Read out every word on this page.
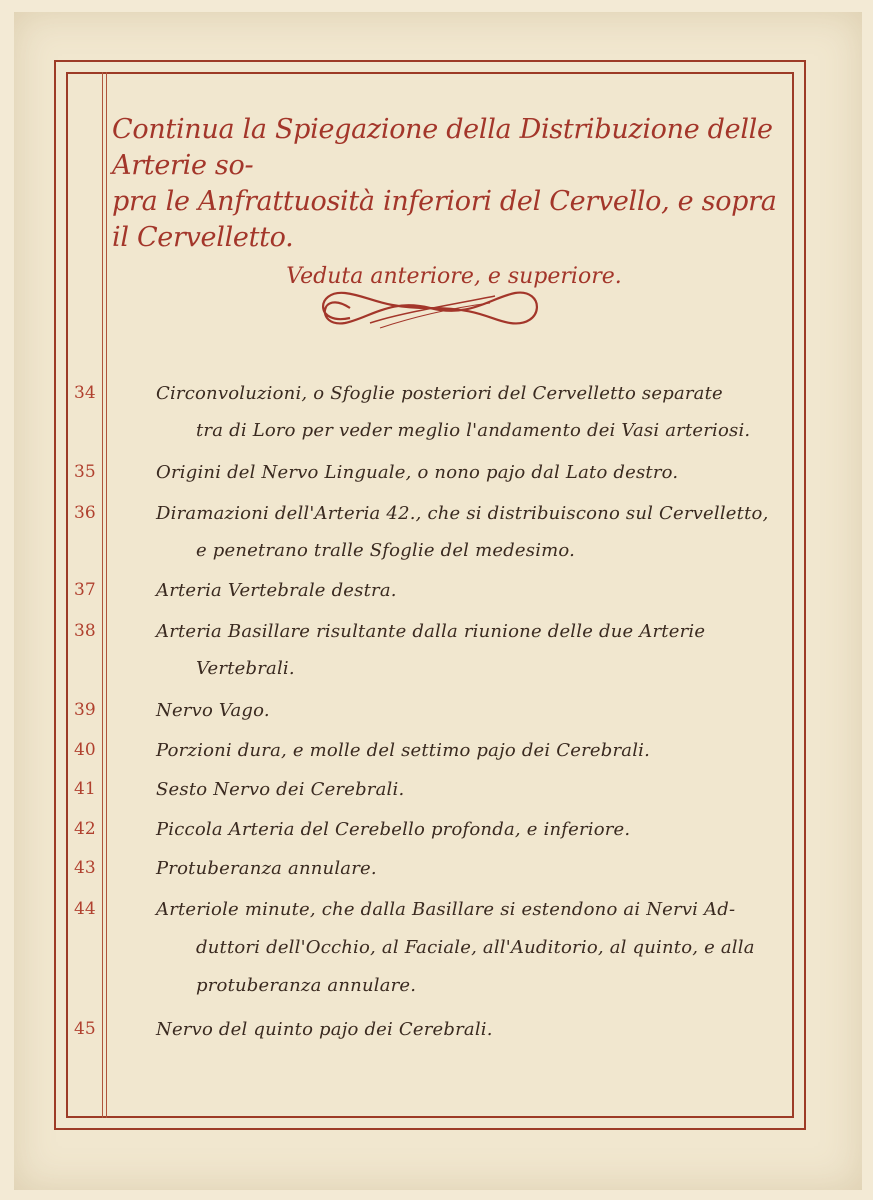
Continua la Spiegazione della Distribuzione delle Arterie so-
pra le Anfrattuosità inferiori del Cervello, e sopra il Cervelletto.
Veduta anteriore, e superiore.
34	Circonvoluzioni, o Sfoglie posteriori del Cervelletto separate
tra di Loro per veder meglio l'andamento dei Vasi arteriosi.
35	Origini del Nervo Linguale, o nono pajo dal Lato destro.
36	Diramazioni dell'Arteria 42., che si distribuiscono sul Cervelletto,
e penetrano tralle Sfoglie del medesimo.
37	Arteria Vertebrale destra.
38	Arteria Basillare risultante dalla riunione delle due Arterie
Vertebrali.
39	Nervo Vago.
40	Porzioni dura, e molle del settimo pajo dei Cerebrali.
41	Sesto Nervo dei Cerebrali.
42	Piccola Arteria del Cerebello profonda, e inferiore.
43	Protuberanza annulare.
44	Arteriole minute, che dalla Basillare si estendono ai Nervi Ad-
duttori dell'Occhio, al Faciale, all'Auditorio, al quinto, e alla
protuberanza annulare.
45	Nervo del quinto pajo dei Cerebrali.
